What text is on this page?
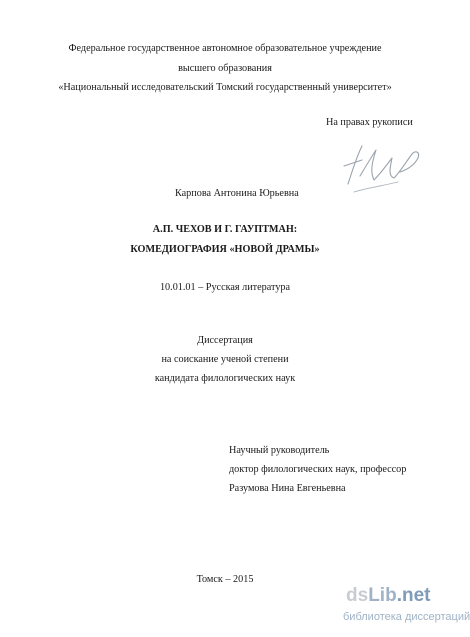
Федеральное государственное автономное образовательное учреждение
высшего образования
«Национальный исследовательский Томский государственный университет»
На правах рукописи
Карпова Антонина Юрьевна
А.П. ЧЕХОВ И Г. ГАУПТМАН:
КОМЕДИОГРАФИЯ «НОВОЙ ДРАМЫ»
10.01.01 – Русская литература
Диссертация
на соискание ученой степени
кандидата филологических наук
Научный руководитель
доктор филологических наук, профессор
Разумова Нина Евгеньевна
Томск – 2015
dsLib.net
библиотека диссертаций
